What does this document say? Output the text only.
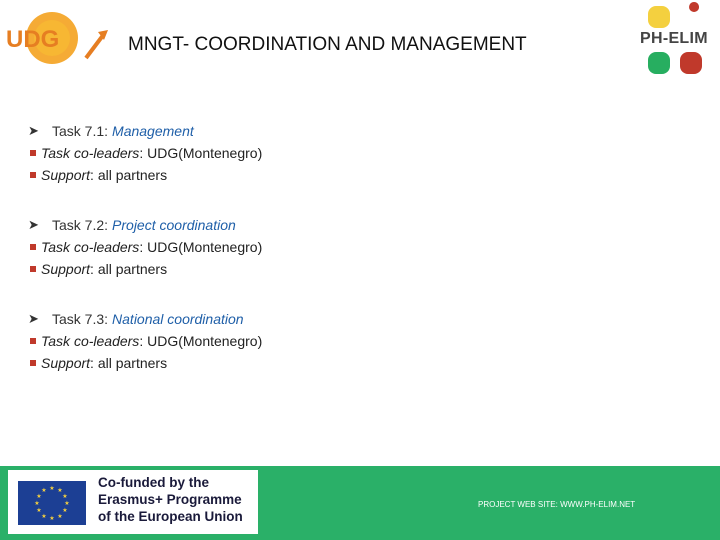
UDG	MNGT- COORDINATION AND MANAGEMENT	PH-ELIM
➤ Task 7.1: Management
Task co-leaders : UDG(Montenegro)
Support : all partners
➤ Task 7.2: Project coordination
Task co-leaders : UDG(Montenegro)
Support : all partners
➤ Task 7.3: National coordination
Task co-leaders : UDG(Montenegro)
Support : all partners
★ ★
★
★
★
★
★
★
★
★
★
★
Co-funded by the
Erasmus+ Programme
of the European Union
PROJECT WEB SITE: WWW.PH-ELIM.NET
